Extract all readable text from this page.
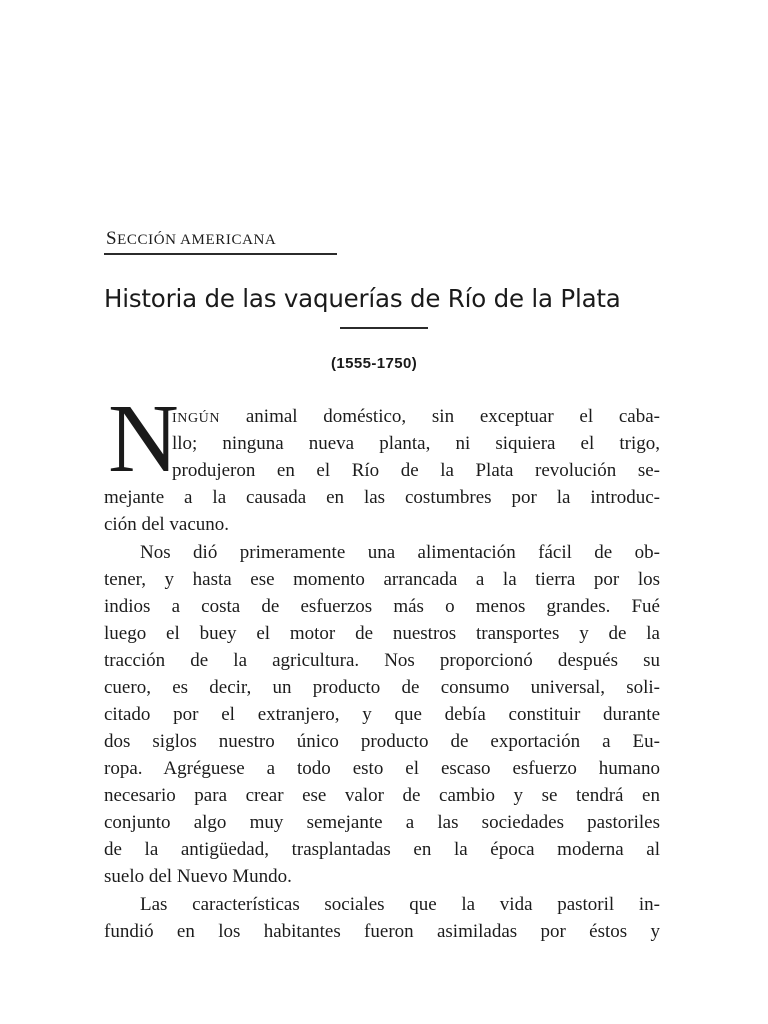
SECCIÓN AMERICANA
Historia de las vaquerías de Río de la Plata
(1555-1750)
N
INGÚN animal doméstico, sin exceptuar el caba-
llo; ninguna nueva planta, ni siquiera el trigo,
produjeron en el Río de la Plata revolución se-
mejante a la causada en las costumbres por la introduc-
ción del vacuno.
Nos dió primeramente una alimentación fácil de ob-
tener, y hasta ese momento arrancada a la tierra por los
indios a costa de esfuerzos más o menos grandes. Fué
luego el buey el motor de nuestros transportes y de la
tracción de la agricultura. Nos proporcionó después su
cuero, es decir, un producto de consumo universal, soli-
citado por el extranjero, y que debía constituir durante
dos siglos nuestro único producto de exportación a Eu-
ropa. Agréguese a todo esto el escaso esfuerzo humano
necesario para crear ese valor de cambio y se tendrá en
conjunto algo muy semejante a las sociedades pastoriles
de la antigüedad, trasplantadas en la época moderna al
suelo del Nuevo Mundo.
Las características sociales que la vida pastoril in-
fundió en los habitantes fueron asimiladas por éstos y
